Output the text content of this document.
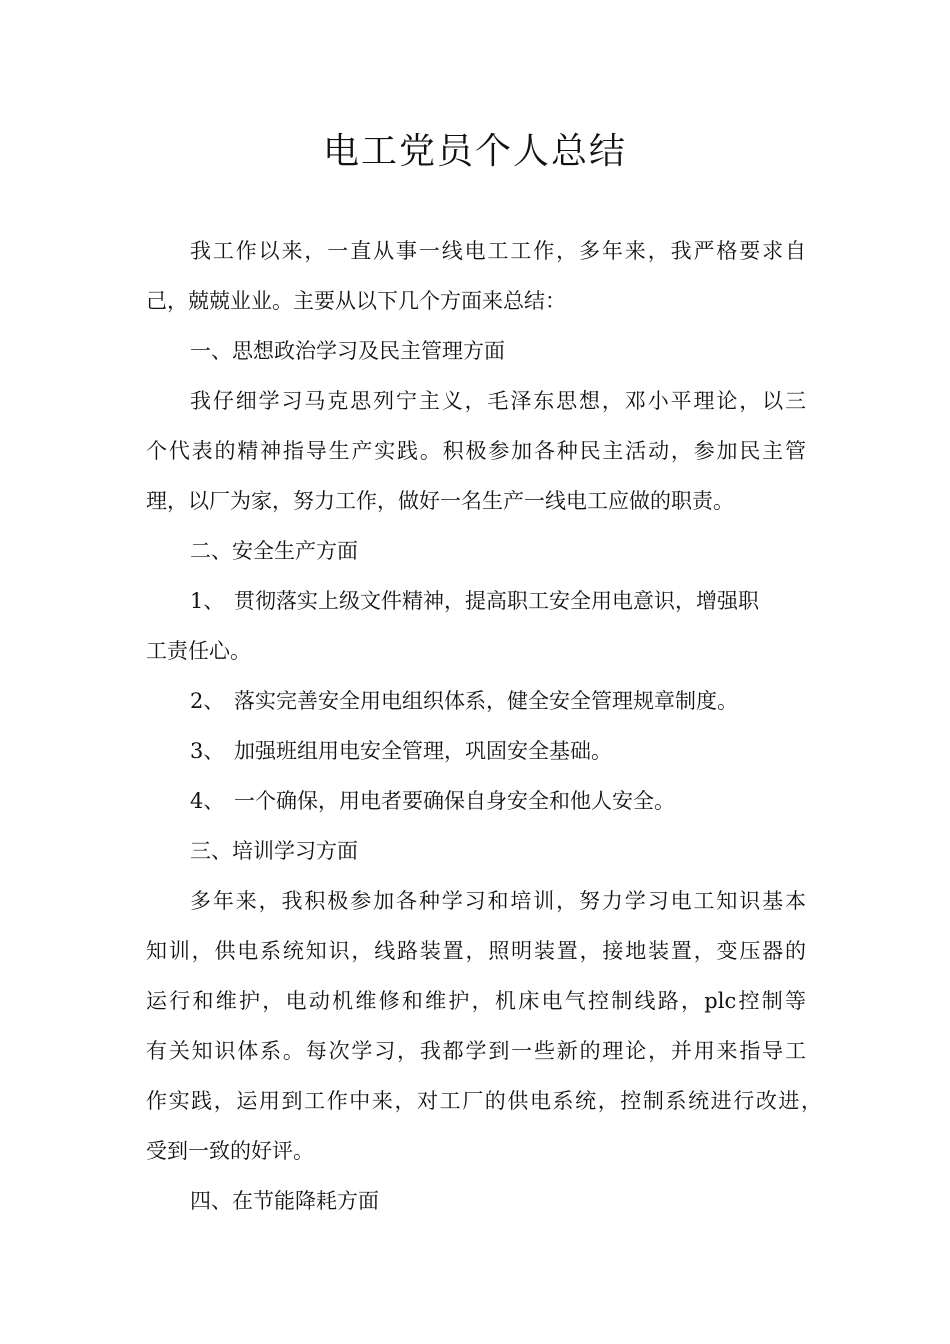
电工党员个人总结
我工作以来，一直从事一线电工工作，多年来，我严格要求自
己，兢兢业业。主要从以下几个方面来总结：
一、思想政治学习及民主管理方面
我仔细学习马克思列宁主义，毛泽东思想，邓小平理论，以三
个代表的精神指导生产实践。积极参加各种民主活动，参加民主管
理，以厂为家，努力工作，做好一名生产一线电工应做的职责。
二、安全生产方面
1、 贯彻落实上级文件精神，提高职工安全用电意识，增强职
工责任心。
2、 落实完善安全用电组织体系，健全安全管理规章制度。
3、 加强班组用电安全管理，巩固安全基础。
4、 一个确保，用电者要确保自身安全和他人安全。
三、培训学习方面
多年来，我积极参加各种学习和培训，努力学习电工知识基本
知训，供电系统知识，线路装置，照明装置，接地装置，变压器的
运行和维护，电动机维修和维护，机床电气控制线路，plc控制等
有关知识体系。每次学习，我都学到一些新的理论，并用来指导工
作实践，运用到工作中来，对工厂的供电系统，控制系统进行改进，
受到一致的好评。
四、在节能降耗方面
